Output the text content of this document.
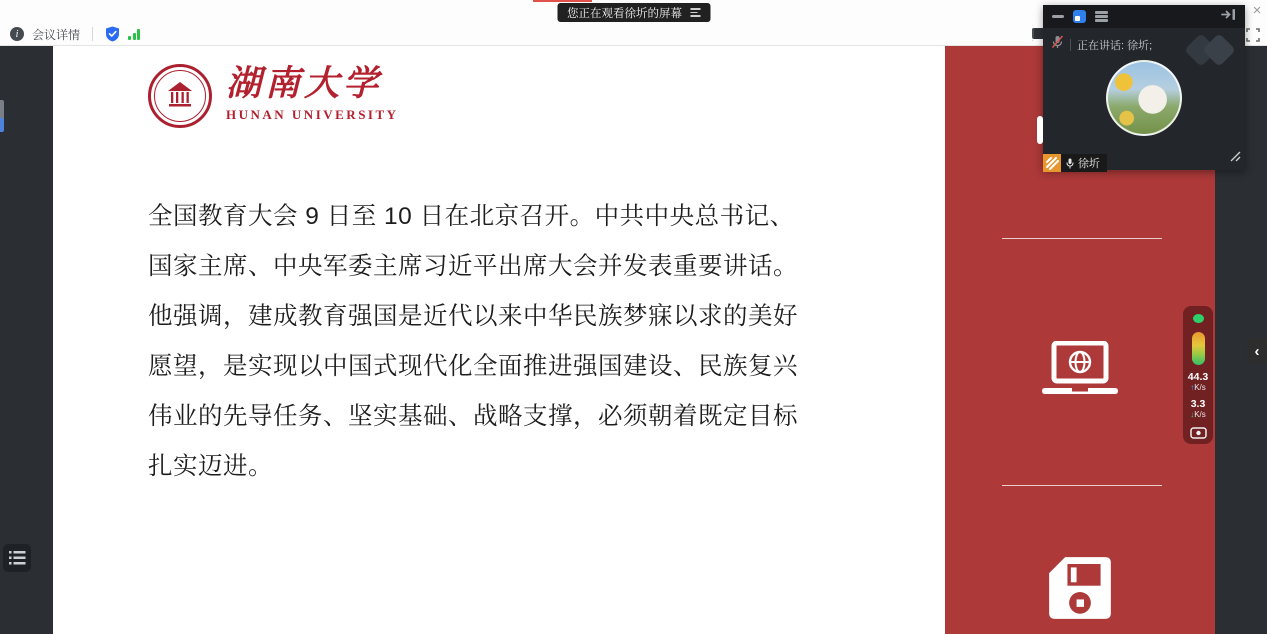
您正在观看徐圻的屏幕
i	会议详情
×
湖南大学
HUNAN UNIVERSITY
全国教育大会 9 日至 10 日在北京召开。中共中央总书记、
国家主席、中央军委主席习近平出席大会并发表重要讲话。
他强调，建成教育强国是近代以来中华民族梦寐以求的美好
愿望，是实现以中国式现代化全面推进强国建设、民族复兴
伟业的先导任务、坚实基础、战略支撑，必须朝着既定目标
扎实迈进。
44.3
↑K/s
3.3
↓K/s
‹
正在讲话: 徐圻;
徐圻
